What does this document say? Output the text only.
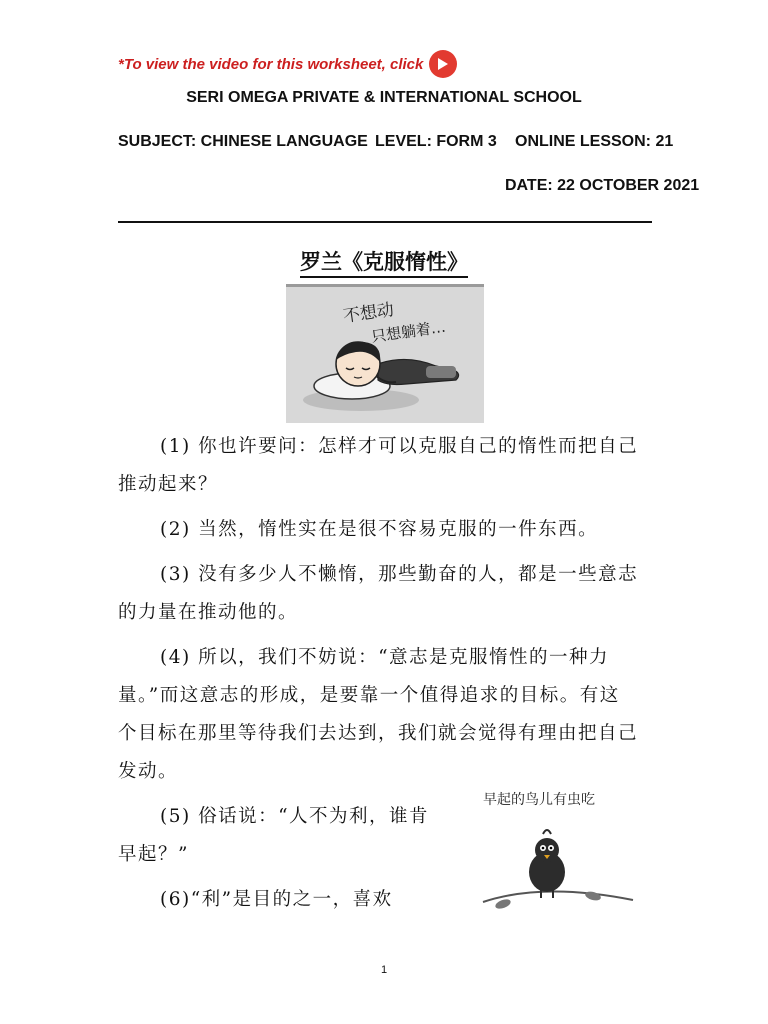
*To view the video for this worksheet, click
SERI OMEGA PRIVATE & INTERNATIONAL SCHOOL
SUBJECT: CHINESE LANGUAGE LEVEL: FORM 3 ONLINE LESSON: 21
DATE: 22 OCTOBER 2021
罗兰《克服惰性》
不想动
只想躺着…
(1) 你也许要问：怎样才可以克服自己的惰性而把自己
推动起来？
(2) 当然，惰性实在是很不容易克服的一件东西。
(3) 没有多少人不懒惰，那些勤奋的人，都是一些意志
的力量在推动他的。
(4) 所以，我们不妨说：“意志是克服惰性的一种力
量。”而这意志的形成，是要靠一个值得追求的目标。有这
个目标在那里等待我们去达到，我们就会觉得有理由把自己
发动。
(5) 俗话说：“人不为利，谁肯
早起？”
(6)“利”是目的之一，喜欢
早起的鸟儿有虫吃
1
